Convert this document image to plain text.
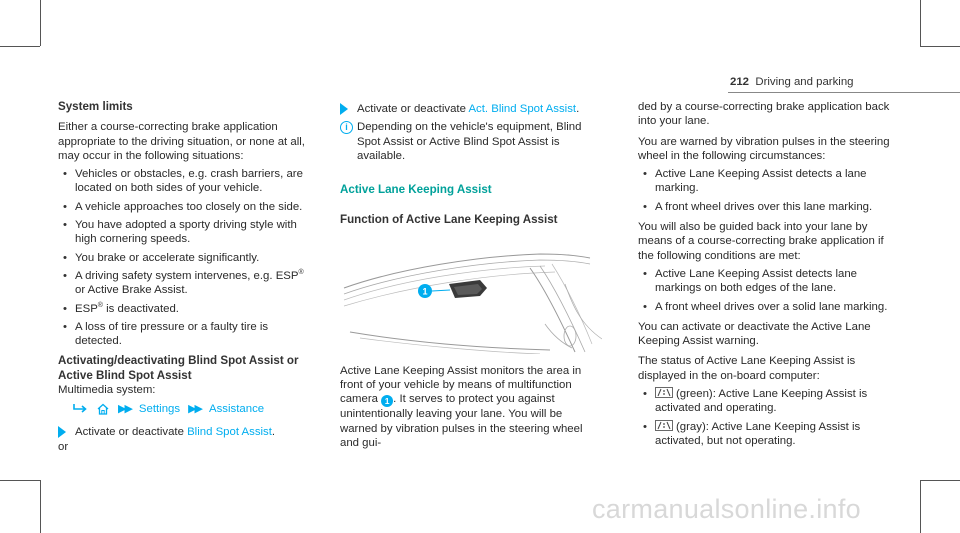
212 Driving and parking
System limits

Either a course-correcting brake application appropriate to the driving situation, or none at all, may occur in the following situations:

• Vehicles or obstacles, e.g. crash barriers, are located on both sides of your vehicle.
• A vehicle approaches too closely on the side.
• You have adopted a sporty driving style with high cornering speeds.
• You brake or accelerate significantly.
• A driving safety system intervenes, e.g. ESP® or Active Brake Assist.
• ESP® is deactivated.
• A loss of tire pressure or a faulty tire is detected.
Activating/deactivating Blind Spot Assist or Active Blind Spot Assist

Multimedia system:

▶▶ Settings ▶▶ Assistance
Activate or deactivate Blind Spot Assist.

or

Activate or deactivate Act. Blind Spot Assist.
i Depending on the vehicle's equipment, Blind Spot Assist or Active Blind Spot Assist is available.
Active Lane Keeping Assist
Function of Active Lane Keeping Assist
1

Active Lane Keeping Assist monitors the area in front of your vehicle by means of multifunction camera 1 . It serves to protect you against unintentionally leaving your lane. You will be warned by vibration pulses in the steering wheel and gui-

ded by a course-correcting brake application back into your lane.

You are warned by vibration pulses in the steering wheel in the following circumstances:

• Active Lane Keeping Assist detects a lane marking.
• A front wheel drives over this lane marking.

You will also be guided back into your lane by means of a course-correcting brake application if the following conditions are met:

• Active Lane Keeping Assist detects lane markings on both edges of the lane.
• A front wheel drives over a solid lane marking.

You can activate or deactivate the Active Lane Keeping Assist warning.

The status of Active Lane Keeping Assist is displayed in the on-board computer:

• (green): Active Lane Keeping Assist is activated and operating.
• (gray): Active Lane Keeping Assist is activated, but not operating.
carmanualsonline.info
